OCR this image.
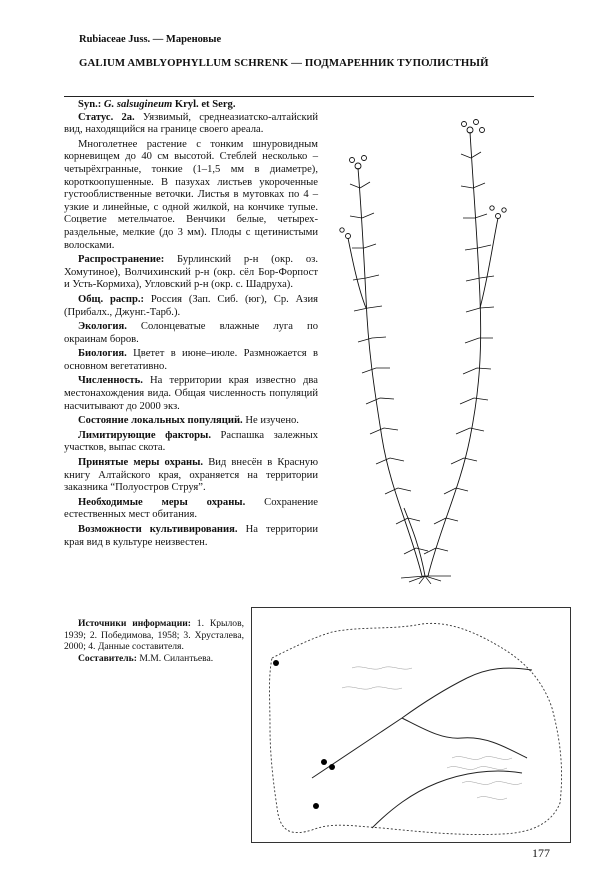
Rubiaceae Juss. — Мареновые
GALIUM AMBLYOPHYLLUM SCHRENK — ПОДМАРЕННИК ТУПОЛИСТНЫЙ

Syn.: G. salsugineum Kryl. et Serg.

Статус. 2а. Уязвимый, среднеазиатско-алтайский вид, находящийся на границе своего ареала.

Многолетнее растение с тонким шнуровидным корневищем до 40 см высотой. Стеблей несколько – четырёхгранные, тонкие (1–1,5 мм в диаметре), короткоопушенные. В пазухах листьев укороченные густооблиственные веточки. Листья в мутовках по 4 – узкие и линейные, с одной жилкой, на кончике тупые. Соцветие метельчатое. Венчики белые, четырехраздельные, мелкие (до 3 мм). Плоды с щетинистыми волосками.

Распространение: Бурлинский р-н (окр. оз. Хомутиное), Волчихинский р-н (окр. сёл Бор-Форпост и Усть-Кормиха), Угловский р-н (окр. с. Шадруха).

Общ. распр.: Россия (Зап. Сиб. (юг), Ср. Азия (Прибалх., Джунг.-Тарб.).

Экология. Солонцеватые влажные луга по окраинам боров.

Биология. Цветет в июне–июле. Размножается в основном вегетативно.

Численность. На территории края известно два местонахождения вида. Общая численность популяций насчитывают до 2000 экз.

Состояние локальных популяций. Не изучено.

Лимитирующие факторы. Распашка залежных участков, выпас скота.

Принятые меры охраны. Вид внесён в Красную книгу Алтайского края, охраняется на территории заказника “Полуостров Струя”.

Необходимые меры охраны. Сохранение естественных мест обитания.

Возможности культивирования. На территории края вид в культуре неизвестен.

Источники информации: 1. Крылов, 1939; 2. Победимова, 1958; 3. Хрусталева, 2000; 4. Данные составителя.

Составитель: М.М. Силантьева.

177
